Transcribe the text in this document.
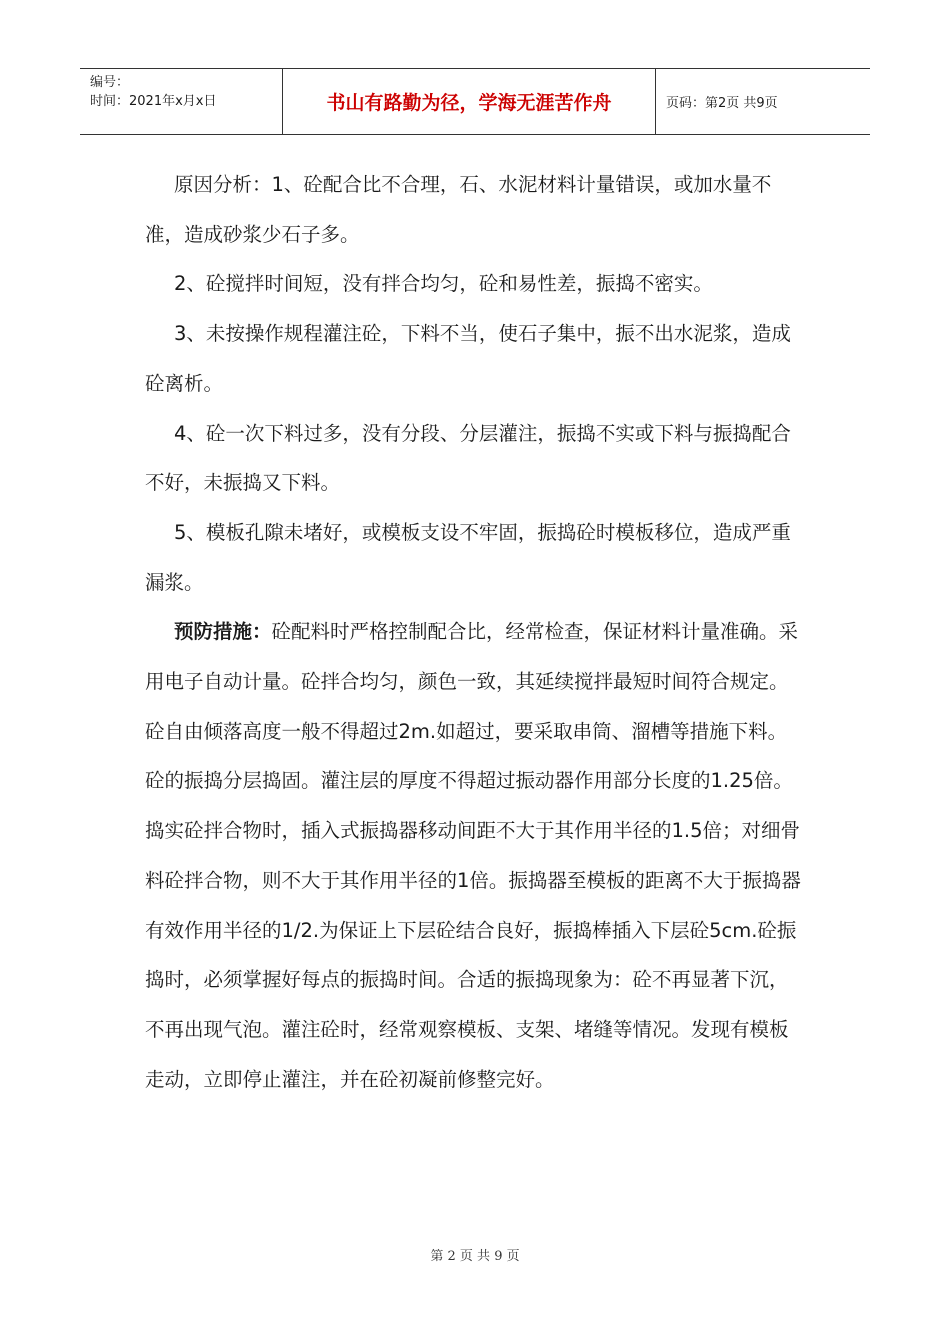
编号：
时间：2021年x月x日	书山有路勤为径，学海无涯苦作舟	页码：第2页 共9页

原因分析：1、砼配合比不合理，石、水泥材料计量错误，或加水量不准，造成砂浆少石子多。

2、砼搅拌时间短，没有拌合均匀，砼和易性差，振捣不密实。

3、未按操作规程灌注砼，下料不当，使石子集中，振不出水泥浆，造成砼离析。

4、砼一次下料过多，没有分段、分层灌注，振捣不实或下料与振捣配合不好，未振捣又下料。

5、模板孔隙未堵好，或模板支设不牢固，振捣砼时模板移位，造成严重漏浆。

预防措施：砼配料时严格控制配合比，经常检查，保证材料计量准确。采用电子自动计量。砼拌合均匀，颜色一致，其延续搅拌最短时间符合规定。砼自由倾落高度一般不得超过2m.如超过，要采取串筒、溜槽等措施下料。砼的振捣分层捣固。灌注层的厚度不得超过振动器作用部分长度的1.25倍。捣实砼拌合物时，插入式振捣器移动间距不大于其作用半径的1.5倍；对细骨料砼拌合物，则不大于其作用半径的1倍。振捣器至模板的距离不大于振捣器有效作用半径的1/2.为保证上下层砼结合良好，振捣棒插入下层砼5cm.砼振捣时，必须掌握好每点的振捣时间。合适的振捣现象为：砼不再显著下沉，不再出现气泡。灌注砼时，经常观察模板、支架、堵缝等情况。发现有模板走动，立即停止灌注，并在砼初凝前修整完好。

第 2 页 共 9 页
